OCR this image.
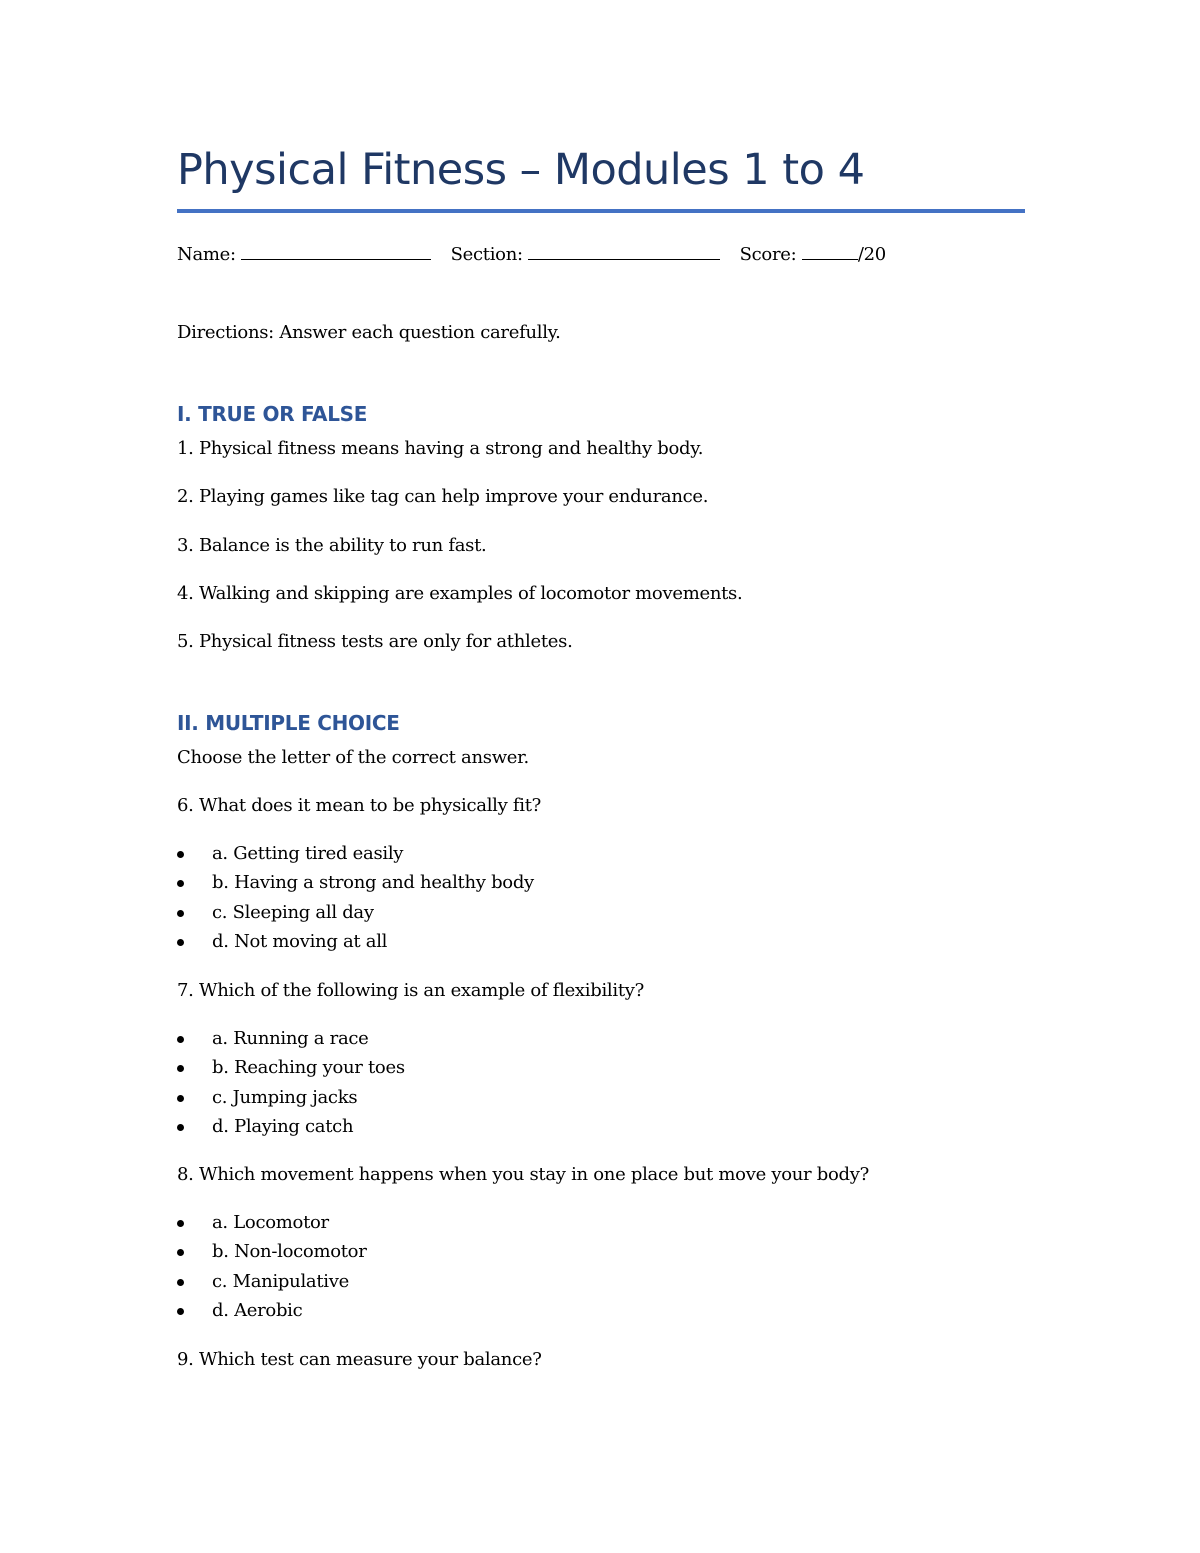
Physical Fitness – Modules 1 to 4
Name:	Section:	Score:	/20
Directions: Answer each question carefully.
I. TRUE OR FALSE
1. Physical fitness means having a strong and healthy body.
2. Playing games like tag can help improve your endurance.
3. Balance is the ability to run fast.
4. Walking and skipping are examples of locomotor movements.
5. Physical fitness tests are only for athletes.
II. MULTIPLE CHOICE
Choose the letter of the correct answer.
6. What does it mean to be physically fit?
a. Getting tired easily
b. Having a strong and healthy body
c. Sleeping all day
d. Not moving at all
7. Which of the following is an example of flexibility?
a. Running a race
b. Reaching your toes
c. Jumping jacks
d. Playing catch
8. Which movement happens when you stay in one place but move your body?
a. Locomotor
b. Non-locomotor
c. Manipulative
d. Aerobic
9. Which test can measure your balance?
